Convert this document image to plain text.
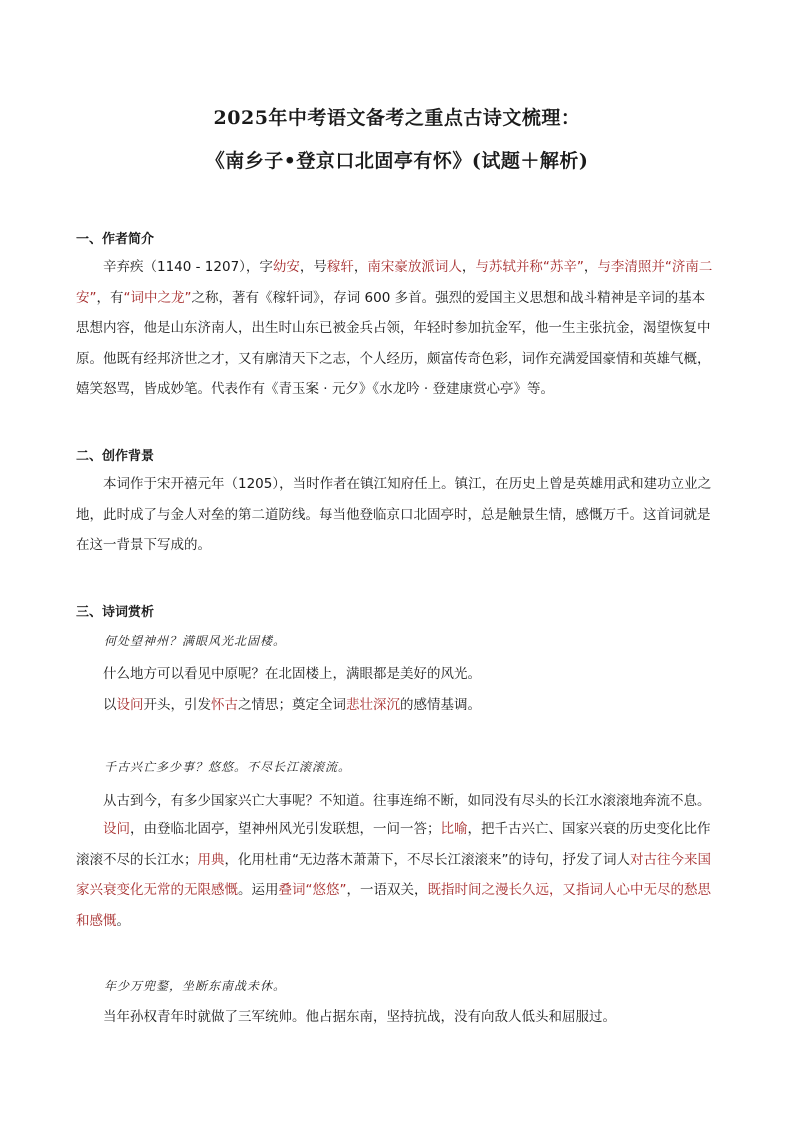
2025年中考语文备考之重点古诗文梳理：
《南乡子•登京口北固亭有怀》(试题＋解析)
一、作者简介

辛弃疾（1140 - 1207），字幼安，号稼轩，南宋豪放派词人，与苏轼并称“苏辛”，与李清照并“济南二安”，有“词中之龙”之称，著有《稼轩词》，存词 600 多首。强烈的爱国主义思想和战斗精神是辛词的基本思想内容，他是山东济南人，出生时山东已被金兵占领，年轻时参加抗金军，他一生主张抗金，渴望恢复中原。他既有经邦济世之才，又有廓清天下之志，个人经历，颇富传奇色彩，词作充满爱国豪情和英雄气概，嬉笑怒骂，皆成妙笔。代表作有《青玉案 · 元夕》《水龙吟 · 登建康赏心亭》等。

二、创作背景

本词作于宋开禧元年（1205），当时作者在镇江知府任上。镇江，在历史上曾是英雄用武和建功立业之地，此时成了与金人对垒的第二道防线。每当他登临京口北固亭时，总是触景生情，感慨万千。这首词就是在这一背景下写成的。

三、诗词赏析
何处望神州？满眼风光北固楼。
什么地方可以看见中原呢？在北固楼上，满眼都是美好的风光。
以设问开头，引发怀古之情思；奠定全词悲壮深沉的感情基调。
千古兴亡多少事？悠悠。不尽长江滚滚流。
从古到今，有多少国家兴亡大事呢？不知道。往事连绵不断，如同没有尽头的长江水滚滚地奔流不息。

设问，由登临北固亭，望神州风光引发联想，一问一答；比喻，把千古兴亡、国家兴衰的历史变化比作滚滚不尽的长江水；用典，化用杜甫“无边落木萧萧下，不尽长江滚滚来”的诗句，抒发了词人对古往今来国家兴衰变化无常的无限感慨。运用叠词“悠悠”，一语双关，既指时间之漫长久远，又指词人心中无尽的愁思和感慨。

年少万兜鍪，坐断东南战未休。
当年孙权青年时就做了三军统帅。他占据东南，坚持抗战，没有向敌人低头和屈服过。
